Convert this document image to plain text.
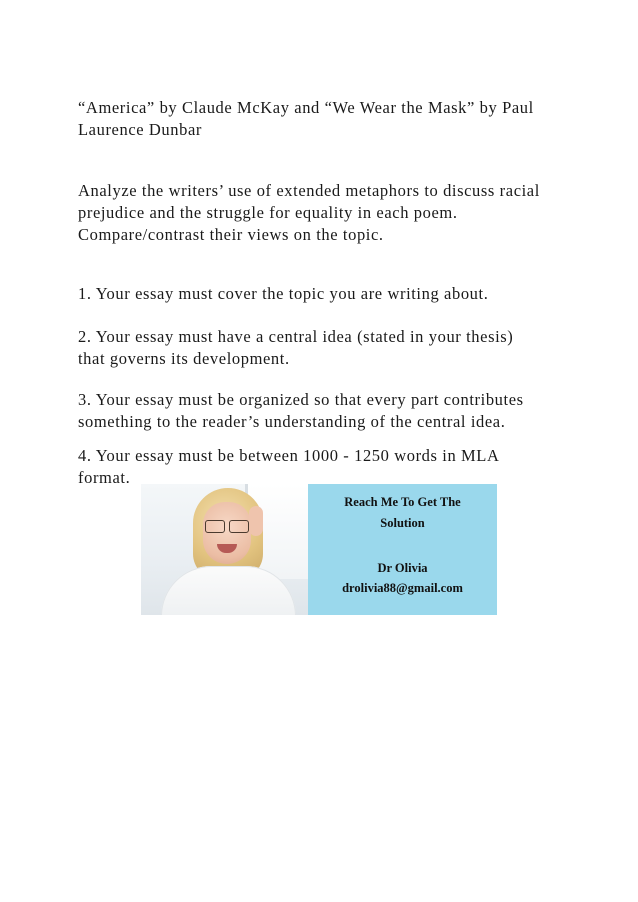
“America” by Claude McKay and “We Wear the Mask” by Paul
Laurence Dunbar

Analyze the writers’ use of extended metaphors to discuss racial
prejudice and the struggle for equality in each poem.
Compare/contrast their views on the topic.

1. Your essay must cover the topic you are writing about.

2. Your essay must have a central idea (stated in your thesis)
that governs its development.

3. Your essay must be organized so that every part contributes
something to the reader’s understanding of the central idea.

4. Your essay must be between 1000 - 1250 words in MLA
format.

Reach Me To Get The
Solution
Dr Olivia
drolivia88@gmail.com
